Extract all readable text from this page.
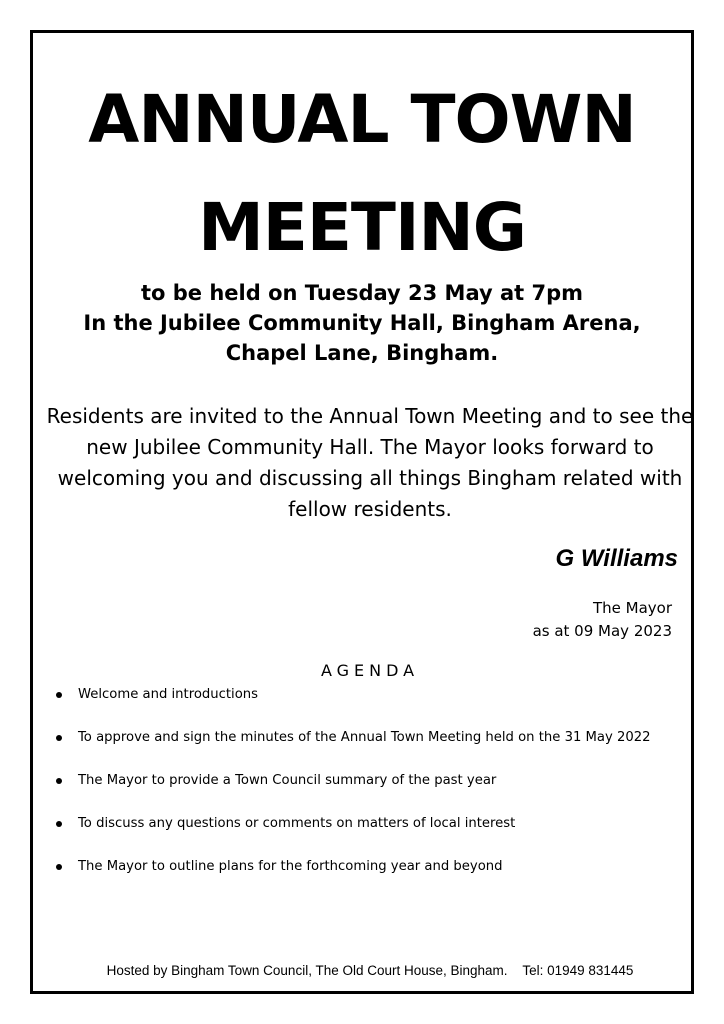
ANNUAL TOWN
MEETING
to be held on Tuesday 23 May at 7pm
In the Jubilee Community Hall, Bingham Arena,
Chapel Lane, Bingham.

Residents are invited to the Annual Town Meeting and to see the new Jubilee Community Hall. The Mayor looks forward to welcoming you and discussing all things Bingham related with fellow residents.

G Williams
The Mayor
as at 09 May 2023
AGENDA
Welcome and introductions
To approve and sign the minutes of the Annual Town Meeting held on the 31 May 2022
The Mayor to provide a Town Council summary of the past year
To discuss any questions or comments on matters of local interest
The Mayor to outline plans for the forthcoming year and beyond
Hosted by Bingham Town Council, The Old Court House, Bingham. Tel: 01949 831445
